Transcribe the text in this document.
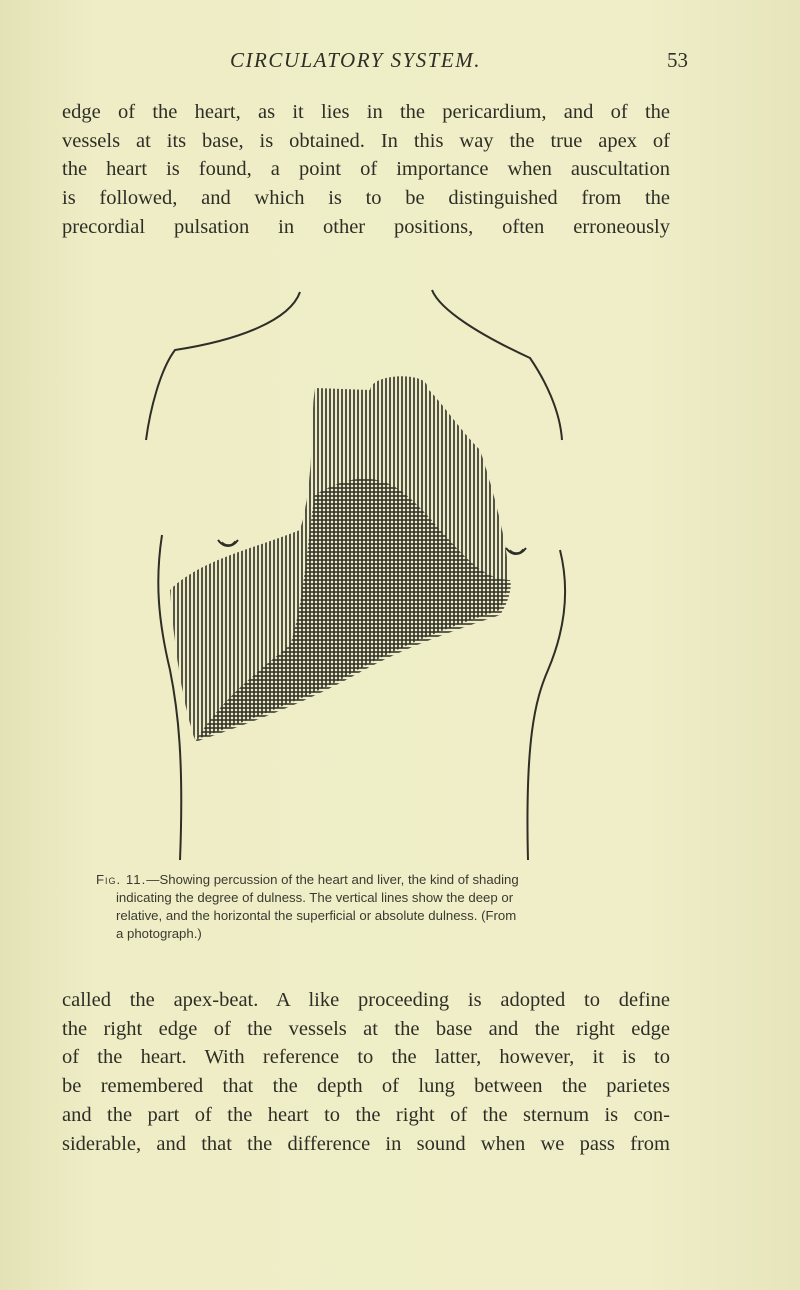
CIRCULATORY SYSTEM.	53
edge of the heart, as it lies in the pericardium, and of the
vessels at its base, is obtained. In this way the true apex of
the heart is found, a point of importance when auscultation
is followed, and which is to be distinguished from the
precordial pulsation in other positions, often erroneously
Fig. 11.—Showing percussion of the heart and liver, the kind of shading
indicating the degree of dulness. The vertical lines show the deep or
relative, and the horizontal the superficial or absolute dulness. (From
a photograph.)
called the apex-beat. A like proceeding is adopted to define
the right edge of the vessels at the base and the right edge
of the heart. With reference to the latter, however, it is to
be remembered that the depth of lung between the parietes
and the part of the heart to the right of the sternum is con-
siderable, and that the difference in sound when we pass from
